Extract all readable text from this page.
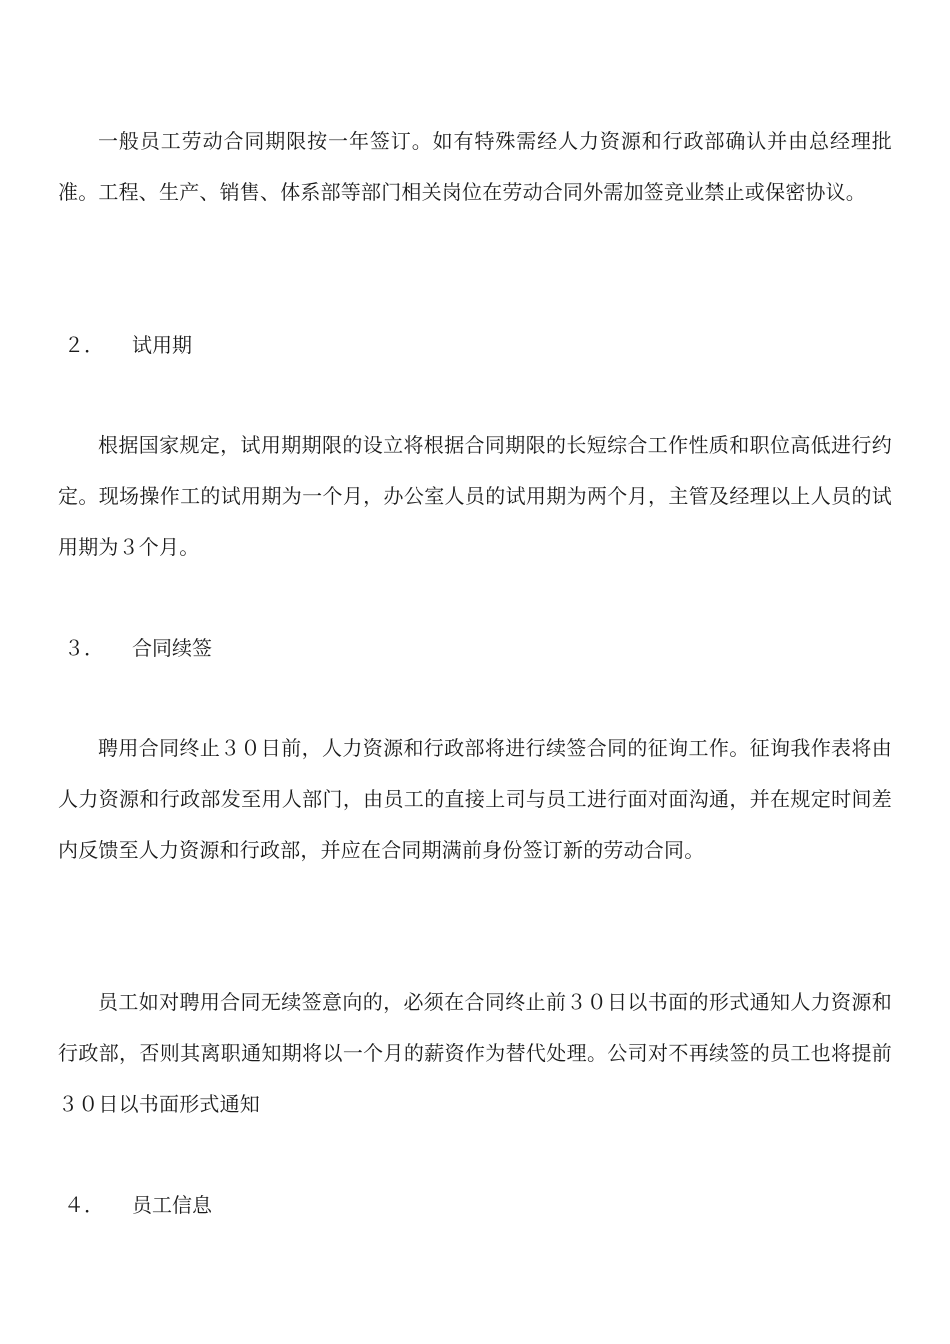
一般员工劳动合同期限按一年签订。如有特殊需经人力资源和行政部确认并由总经理批准。工程、生产、销售、体系部等部门相关岗位在劳动合同外需加签竞业禁止或保密协议。

２． 试用期

根据国家规定，试用期期限的设立将根据合同期限的长短综合工作性质和职位高低进行约定。现场操作工的试用期为一个月，办公室人员的试用期为两个月，主管及经理以上人员的试用期为３个月。

３． 合同续签

聘用合同终止３０日前，人力资源和行政部将进行续签合同的征询工作。征询我作表将由人力资源和行政部发至用人部门，由员工的直接上司与员工进行面对面沟通，并在规定时间差内反馈至人力资源和行政部，并应在合同期满前身份签订新的劳动合同。

员工如对聘用合同无续签意向的，必须在合同终止前３０日以书面的形式通知人力资源和行政部，否则其离职通知期将以一个月的薪资作为替代处理。公司对不再续签的员工也将提前３０日以书面形式通知

４． 员工信息
